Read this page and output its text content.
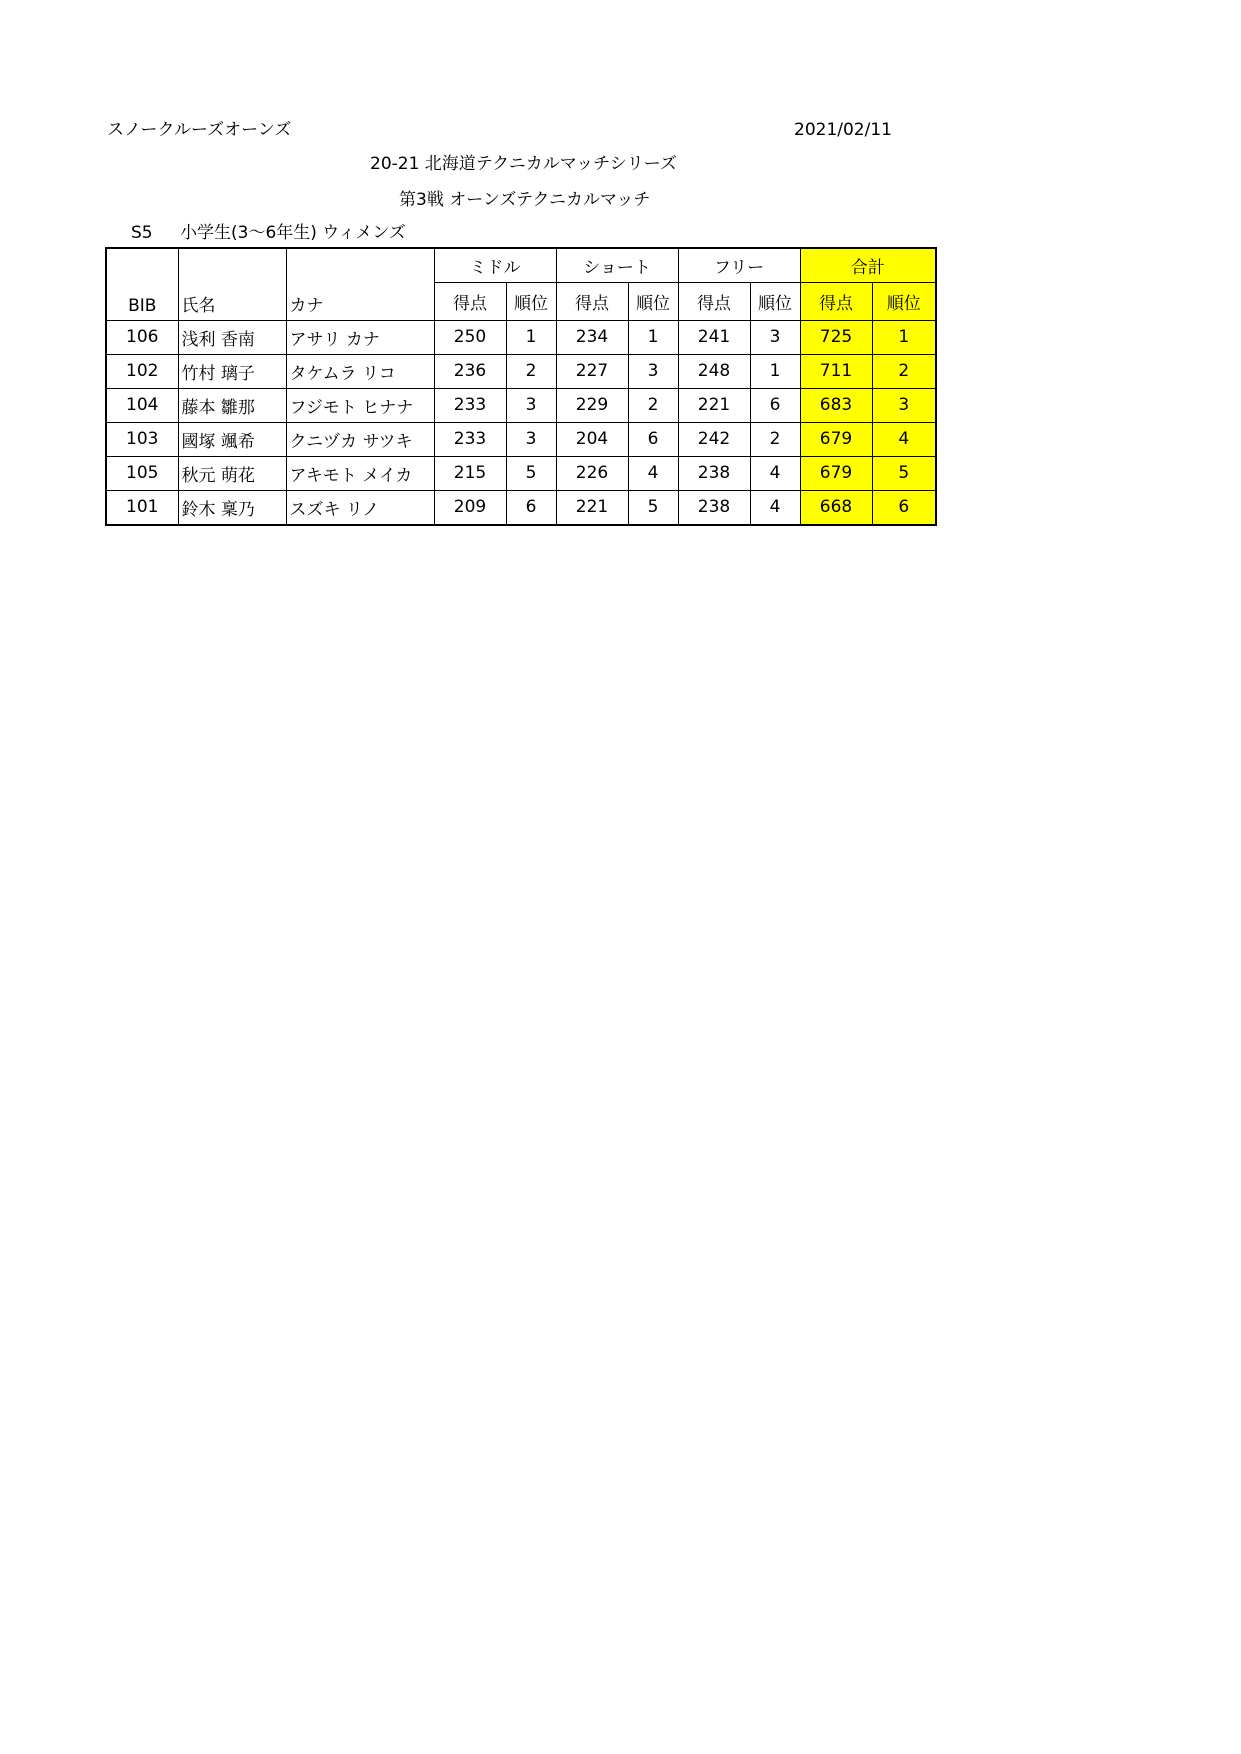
スノークルーズオーンズ	2021/02/11
20-21 北海道テクニカルマッチシリーズ
第3戦 オーンズテクニカルマッチ
S5 小学生(3～6年生) ウィメンズ
			ミドル		ショート		フリー		合計	
BIB	氏名	カナ	得点	順位	得点	順位	得点	順位	得点	順位
106	浅利 香南	アサリ カナ	250	1	234	1	241	3	725	1
102	竹村 璃子	タケムラ リコ	236	2	227	3	248	1	711	2
104	藤本 雛那	フジモト ヒナナ	233	3	229	2	221	6	683	3
103	國塚 颯希	クニヅカ サツキ	233	3	204	6	242	2	679	4
105	秋元 萌花	アキモト メイカ	215	5	226	4	238	4	679	5
101	鈴木 稟乃	スズキ リノ	209	6	221	5	238	4	668	6
